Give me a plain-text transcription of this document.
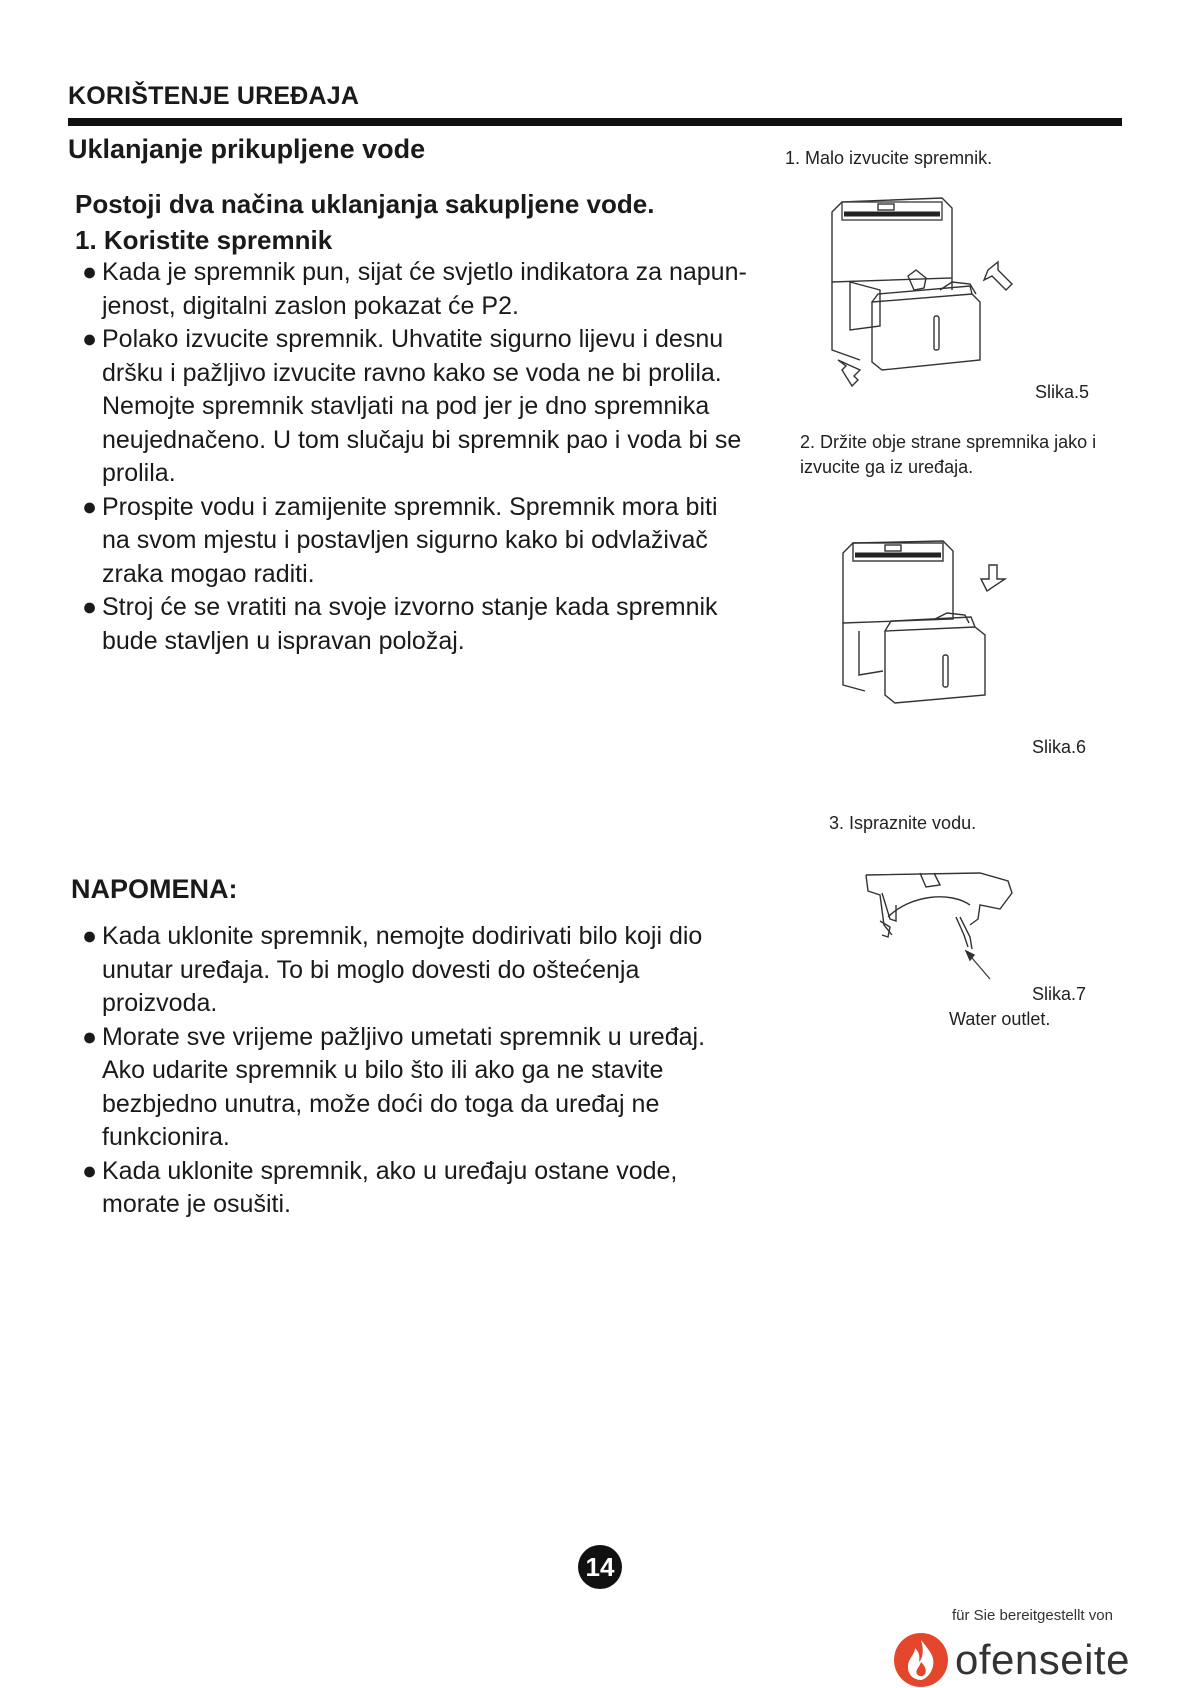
KORIŠTENJE UREĐAJA
Uklanjanje prikupljene vode

Postoji dva načina uklanjanja sakupljene vode.

1. Koristite spremnik

● Kada je spremnik pun, sijat će svjetlo indikatora za napun-jenost, digitalni zaslon pokazat će P2.
● Polako izvucite spremnik. Uhvatite sigurno lijevu i desnu dršku i pažljivo izvucite ravno kako se voda ne bi prolila. Nemojte spremnik stavljati na pod jer je dno spremnika neujednačeno. U tom slučaju bi spremnik pao i voda bi se prolila.
● Prospite vodu i zamijenite spremnik. Spremnik mora biti na svom mjestu i postavljen sigurno kako bi odvlaživač zraka mogao raditi.
● Stroj će se vratiti na svoje izvorno stanje kada spremnik bude stavljen u ispravan položaj.
NAPOMENA:
● Kada uklonite spremnik, nemojte dodirivati bilo koji dio unutar uređaja. To bi moglo dovesti do oštećenja proizvoda.
● Morate sve vrijeme pažljivo umetati spremnik u uređaj. Ako udarite spremnik u bilo što ili ako ga ne stavite bezbjedno unutra, može doći do toga da uređaj ne funkcionira.
● Kada uklonite spremnik, ako u uređaju ostane vode, morate je osušiti.

1. Malo izvucite spremnik.

Slika.5

2. Držite obje strane spremnika jako i

izvucite ga iz uređaja.

Slika.6

3. Ispraznite vodu.

Slika.7

Water outlet.

14

für Sie bereitgestellt von

ofenseite
